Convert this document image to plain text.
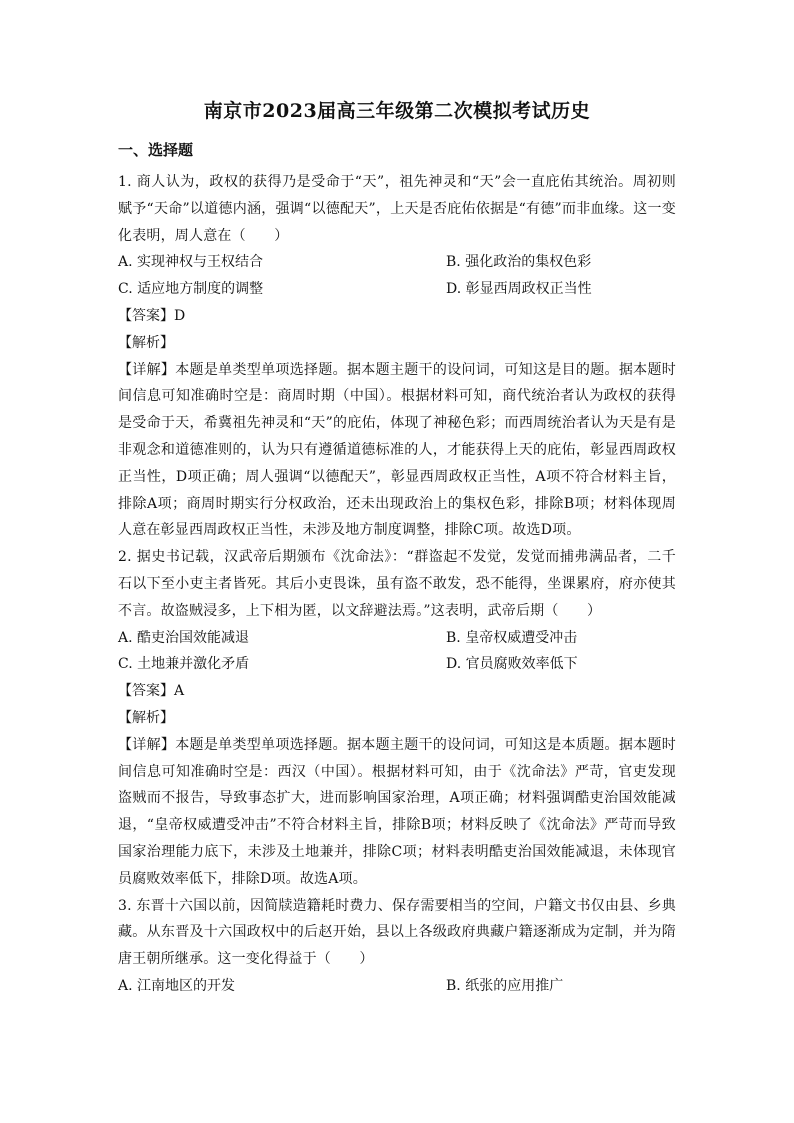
南京市2023届高三年级第二次模拟考试历史
一、选择题

1. 商人认为，政权的获得乃是受命于“天”，祖先神灵和“天”会一直庇佑其统治。周初则赋予“天命”以道德内涵，强调“以德配天”，上天是否庇佑依据是“有德”而非血缘。这一变化表明，周人意在（　　）

A. 实现神权与王权结合	B. 强化政治的集权色彩
C. 适应地方制度的调整	D. 彰显西周政权正当性
【答案】D
【解析】

【详解】本题是单类型单项选择题。据本题主题干的设问词，可知这是目的题。据本题时间信息可知准确时空是：商周时期（中国）。根据材料可知，商代统治者认为政权的获得是受命于天，希冀祖先神灵和“天”的庇佑，体现了神秘色彩；而西周统治者认为天是有是非观念和道德准则的，认为只有遵循道德标准的人，才能获得上天的庇佑，彰显西周政权正当性，D项正确；周人强调“以德配天”，彰显西周政权正当性，A项不符合材料主旨，排除A项；商周时期实行分权政治，还未出现政治上的集权色彩，排除B项；材料体现周人意在彰显西周政权正当性，未涉及地方制度调整，排除C项。故选D项。

2. 据史书记载，汉武帝后期颁布《沈命法》：“群盗起不发觉，发觉而捕弗满品者，二千石以下至小吏主者皆死。其后小吏畏诛，虽有盗不敢发，恐不能得，坐课累府，府亦使其不言。故盗贼浸多，上下相为匿，以文辞避法焉。”这表明，武帝后期（　　）

A. 酷吏治国效能减退	B. 皇帝权威遭受冲击
C. 土地兼并激化矛盾	D. 官员腐败效率低下
【答案】A
【解析】

【详解】本题是单类型单项选择题。据本题主题干的设问词，可知这是本质题。据本题时间信息可知准确时空是：西汉（中国）。根据材料可知，由于《沈命法》严苛，官吏发现盗贼而不报告，导致事态扩大，进而影响国家治理，A项正确；材料强调酷吏治国效能减退，“皇帝权威遭受冲击”不符合材料主旨，排除B项；材料反映了《沈命法》严苛而导致国家治理能力底下，未涉及土地兼并，排除C项；材料表明酷吏治国效能减退，未体现官员腐败效率低下，排除D项。故选A项。

3. 东晋十六国以前，因简牍造籍耗时费力、保存需要相当的空间，户籍文书仅由县、乡典藏。从东晋及十六国政权中的后赵开始，县以上各级政府典藏户籍逐渐成为定制，并为隋唐王朝所继承。这一变化得益于（　　）

A. 江南地区的开发	B. 纸张的应用推广
